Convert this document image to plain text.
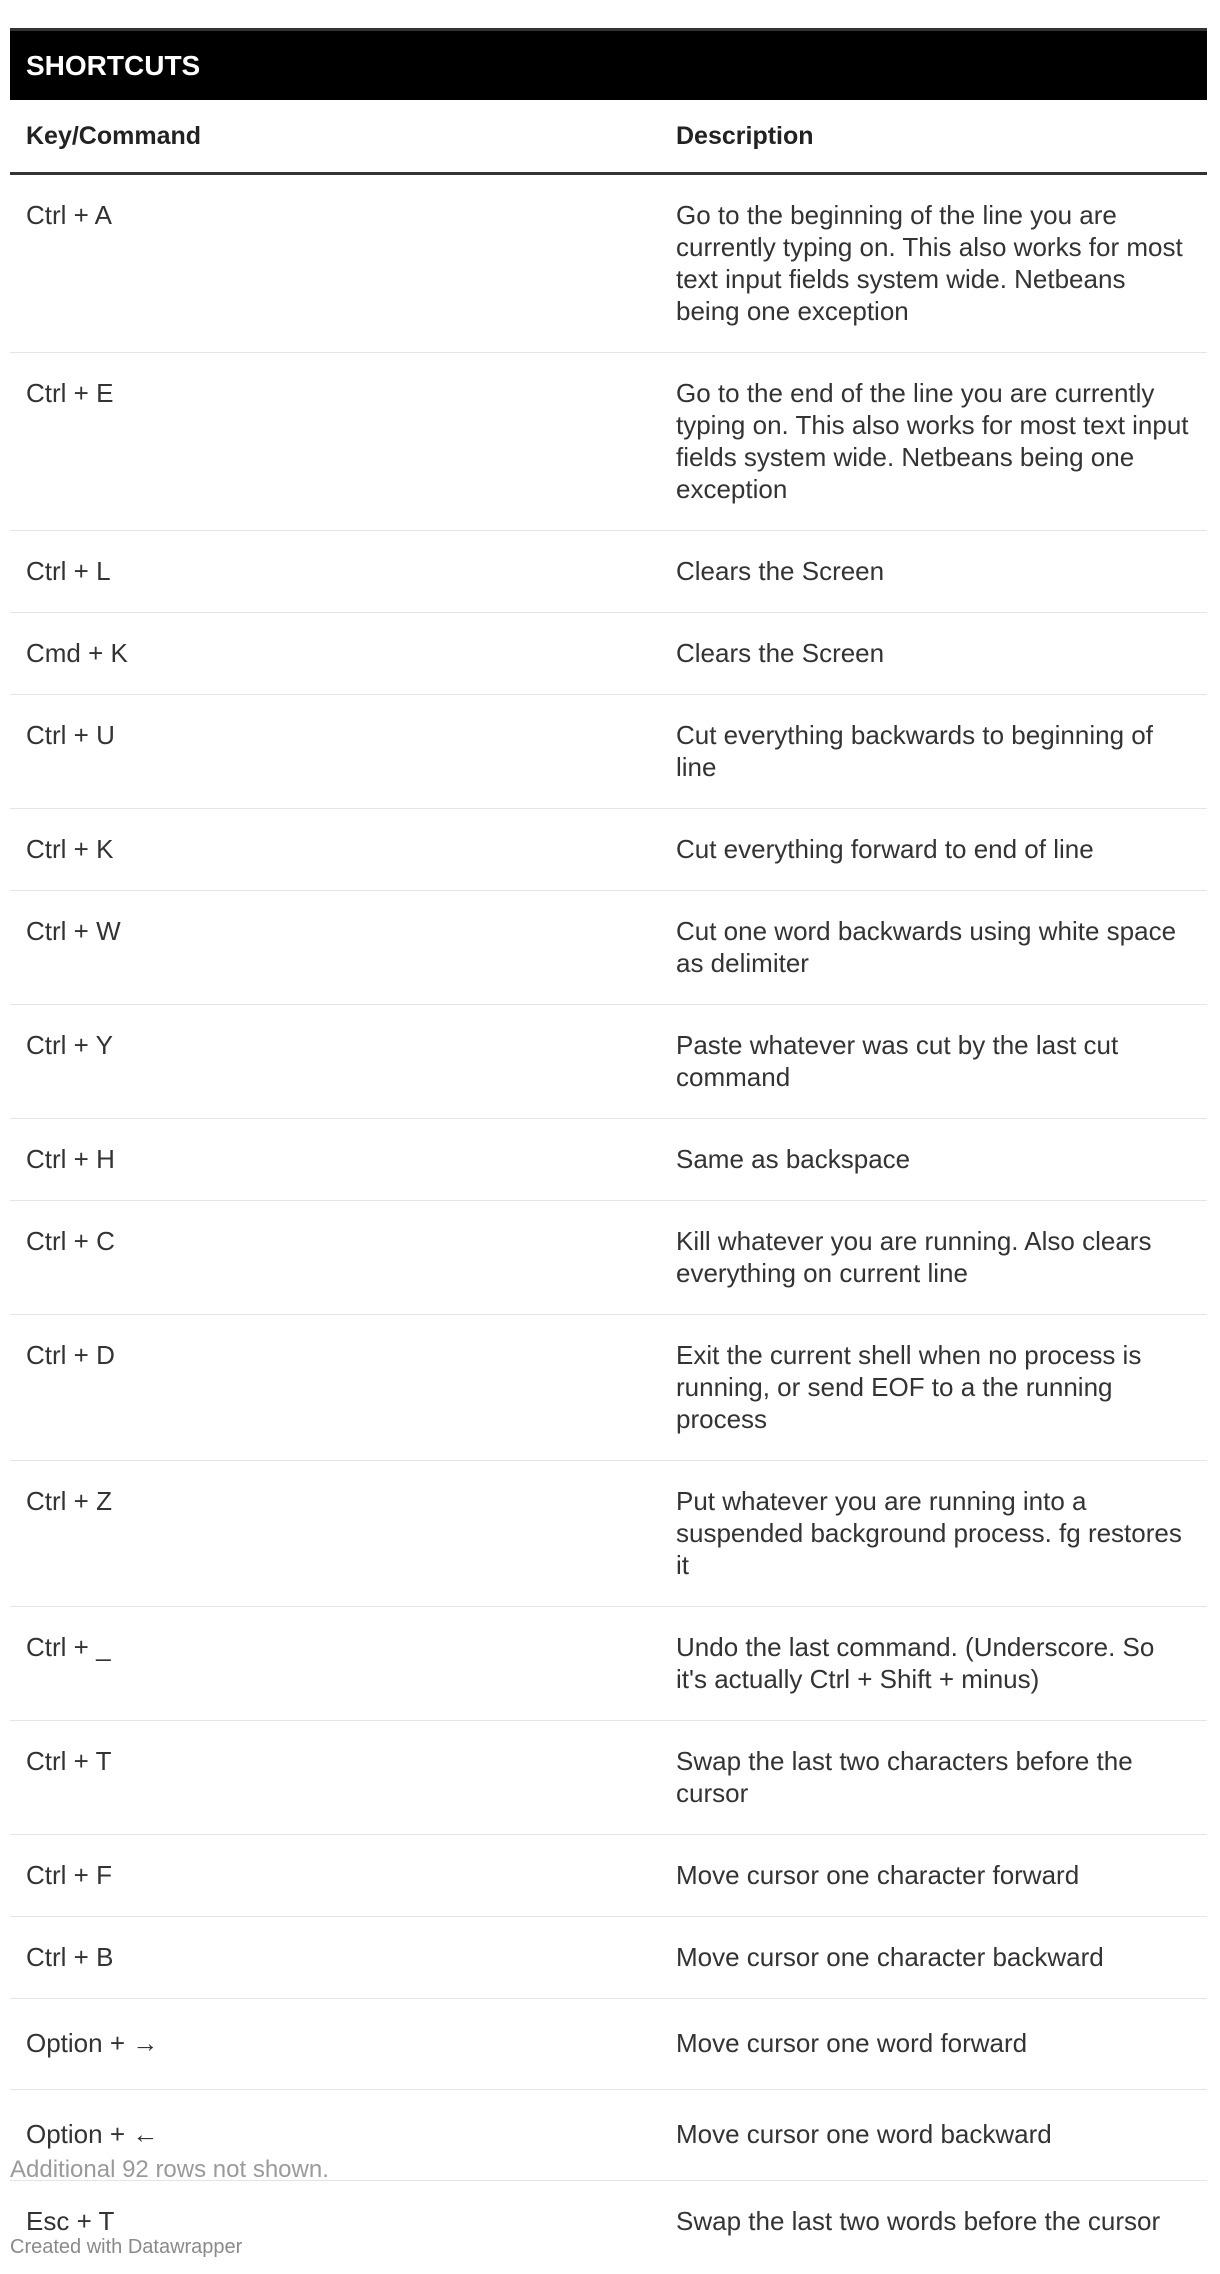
SHORTCUTS
Key/Command	Description
Ctrl + A	Go to the beginning of the line you are currently typing on. This also works for most text input fields system wide. Netbeans being one exception
Ctrl + E	Go to the end of the line you are currently typing on. This also works for most text input fields system wide. Netbeans being one exception
Ctrl + L	Clears the Screen
Cmd + K	Clears the Screen
Ctrl + U	Cut everything backwards to beginning of line
Ctrl + K	Cut everything forward to end of line
Ctrl + W	Cut one word backwards using white space as delimiter
Ctrl + Y	Paste whatever was cut by the last cut command
Ctrl + H	Same as backspace
Ctrl + C	Kill whatever you are running. Also clears everything on current line
Ctrl + D	Exit the current shell when no process is running, or send EOF to a the running process
Ctrl + Z	Put whatever you are running into a suspended background process. fg restores it
Ctrl + _	Undo the last command. (Underscore. So it's actually Ctrl + Shift + minus)
Ctrl + T	Swap the last two characters before the cursor
Ctrl + F	Move cursor one character forward
Ctrl + B	Move cursor one character backward
Option + →	Move cursor one word forward
Option + ←	Move cursor one word backward
Esc + T	Swap the last two words before the cursor
Additional 92 rows not shown.
Created with Datawrapper
